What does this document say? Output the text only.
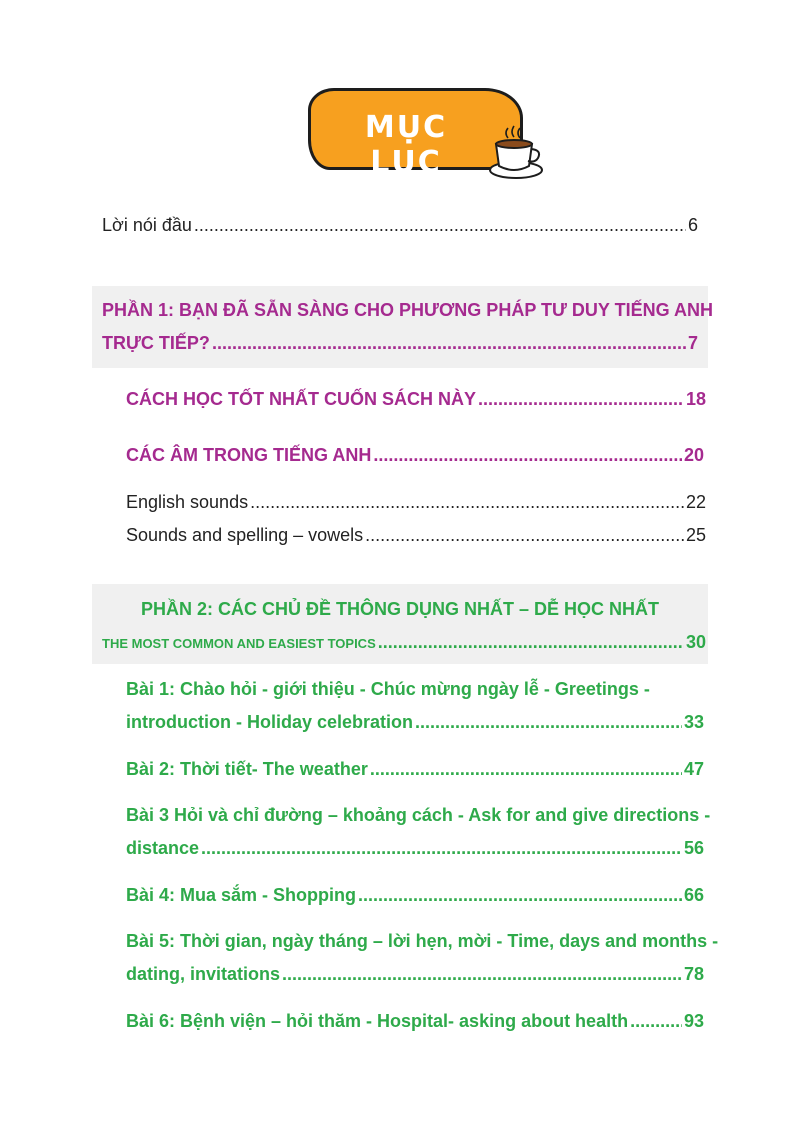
MỤC LỤC
Lời nói đầu .....	6
PHẦN 1: BẠN ĐÃ SẴN SÀNG CHO PHƯƠNG PHÁP TƯ DUY TIẾNG ANH
TRỰC TIẾP? .....	7
CÁCH HỌC TỐT NHẤT CUỐN SÁCH NÀY .....	18
CÁC ÂM TRONG TIẾNG ANH .....	20
English sounds .....	22
Sounds and spelling – vowels .....	25
PHẦN 2: CÁC CHỦ ĐỀ THÔNG DỤNG NHẤT – DỄ HỌC NHẤT
THE MOST COMMON AND EASIEST TOPICS .....	30
Bài 1: Chào hỏi - giới thiệu - Chúc mừng ngày lễ - Greetings -
introduction - Holiday celebration .....	33
Bài 2: Thời tiết- The weather .....	47
Bài 3 Hỏi và chỉ đường – khoảng cách - Ask for and give directions -
distance .....	56
Bài 4: Mua sắm - Shopping .....	66
Bài 5: Thời gian, ngày tháng – lời hẹn, mời - Time, days and months -
dating, invitations .....	78
Bài 6: Bệnh viện – hỏi thăm - Hospital- asking about health .....	93
